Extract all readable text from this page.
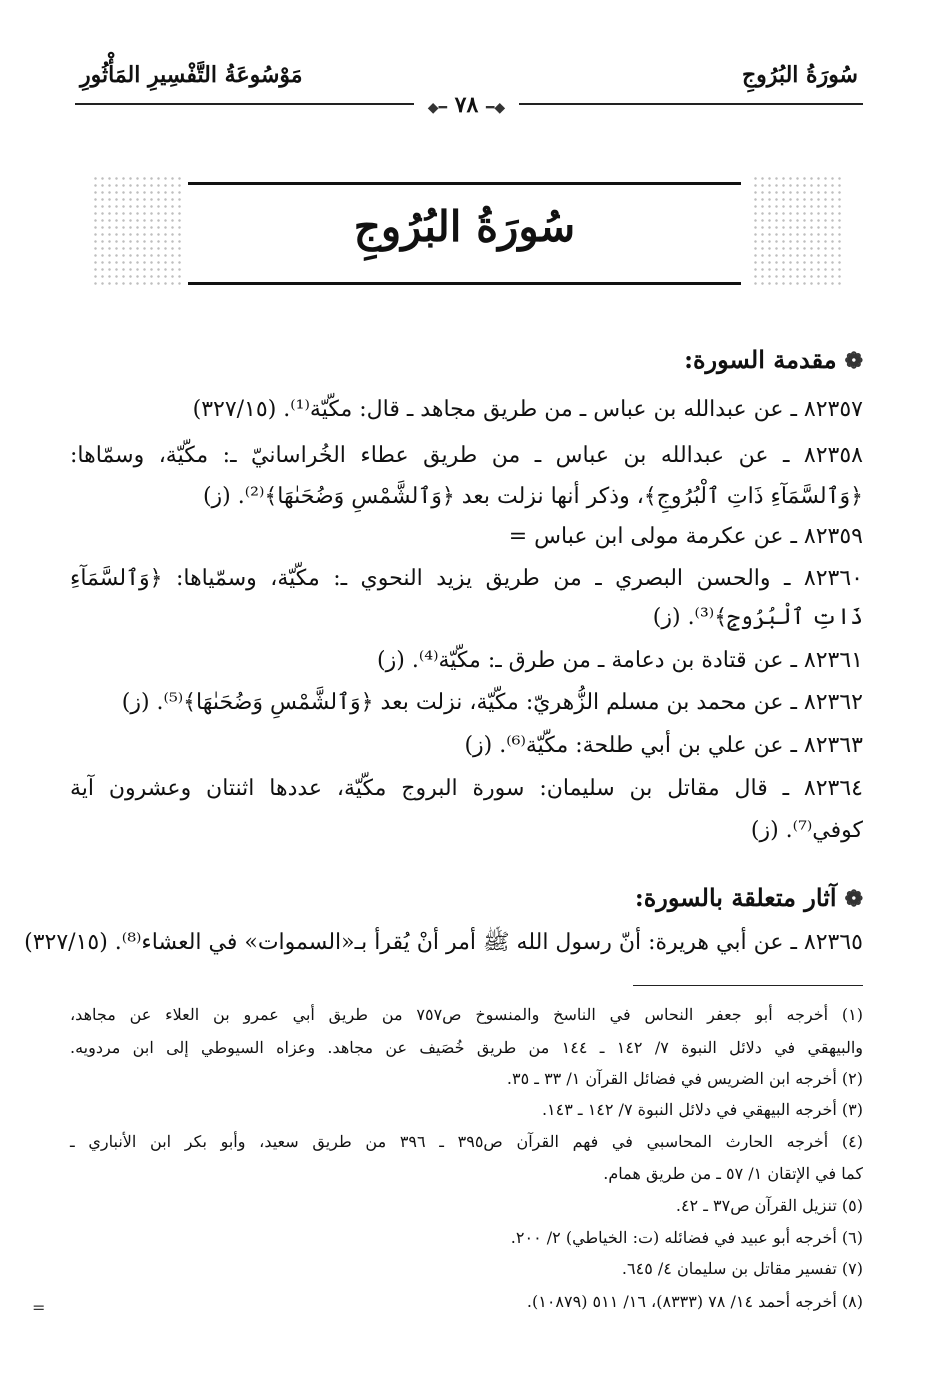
مَوْسُوعَةُ التَّفْسِيرِ المَأْثُورِ	سُورَةُ البُرُوجِ
◆━ ٧٨ ━◆
سُورَةُ البُرُوجِ
❁مقدمة السورة:
٨٢٣٥٧ ـ عن عبدالله بن عباس ـ من طريق مجاهد ـ قال: مكّيّة⁽¹⁾. (٣٢٧/١٥)
٨٢٣٥٨ ـ عن عبدالله بن عباس ـ من طريق عطاء الخُراسانيّ ـ: مكّيّة، وسمّاها:
﴿وَٱلسَّمَآءِ ذَاتِ ٱلْبُرُوجِ﴾، وذكر أنها نزلت بعد ﴿وَٱلشَّمْسِ وَضُحَىٰهَا﴾⁽²⁾. (ز)
٨٢٣٥٩ ـ عن عكرمة مولى ابن عباس =
٨٢٣٦٠ ـ والحسن البصري ـ من طريق يزيد النحوي ـ: مكّيّة، وسمّياها: ﴿وَٱلسَّمَآءِ
ذَاتِ ٱلْبُرُوجِ﴾⁽³⁾. (ز)
٨٢٣٦١ ـ عن قتادة بن دعامة ـ من طرق ـ: مكّيّة⁽⁴⁾. (ز)
٨٢٣٦٢ ـ عن محمد بن مسلم الزُّهريّ: مكّيّة، نزلت بعد ﴿وَٱلشَّمْسِ وَضُحَىٰهَا﴾⁽⁵⁾. (ز)
٨٢٣٦٣ ـ عن علي بن أبي طلحة: مكّيّة⁽⁶⁾. (ز)
٨٢٣٦٤ ـ قال مقاتل بن سليمان: سورة البروج مكّيّة، عددها اثنتان وعشرون آية
كوفي⁽⁷⁾. (ز)
❁آثار متعلقة بالسورة:
٨٢٣٦٥ ـ عن أبي هريرة: أنّ رسول الله ﷺ أمر أنْ يُقرأ بـ«السموات» في العشاء⁽⁸⁾. (٣٢٧/١٥)
(١) أخرجه أبو جعفر النحاس في الناسخ والمنسوخ ص٧٥٧ من طريق أبي عمرو بن العلاء عن مجاهد،
والبيهقي في دلائل النبوة ٧/ ١٤٢ ـ ١٤٤ من طريق خُصَيف عن مجاهد. وعزاه السيوطي إلى ابن مردويه.
(٢) أخرجه ابن الضريس في فضائل القرآن ١/ ٣٣ ـ ٣٥.
(٣) أخرجه البيهقي في دلائل النبوة ٧/ ١٤٢ ـ ١٤٣.
(٤) أخرجه الحارث المحاسبي في فهم القرآن ص٣٩٥ ـ ٣٩٦ من طريق سعيد، وأبو بكر ابن الأنباري ـ
كما في الإتقان ١/ ٥٧ ـ من طريق همام.
(٥) تنزيل القرآن ص٣٧ ـ ٤٢.
(٦) أخرجه أبو عبيد في فضائله (ت: الخياطي) ٢/ ٢٠٠.
(٧) تفسير مقاتل بن سليمان ٤/ ٦٤٥.
(٨) أخرجه أحمد ١٤/ ٧٨ (٨٣٣٣)، ١٦/ ٥١١ (١٠٨٧٩).
=
